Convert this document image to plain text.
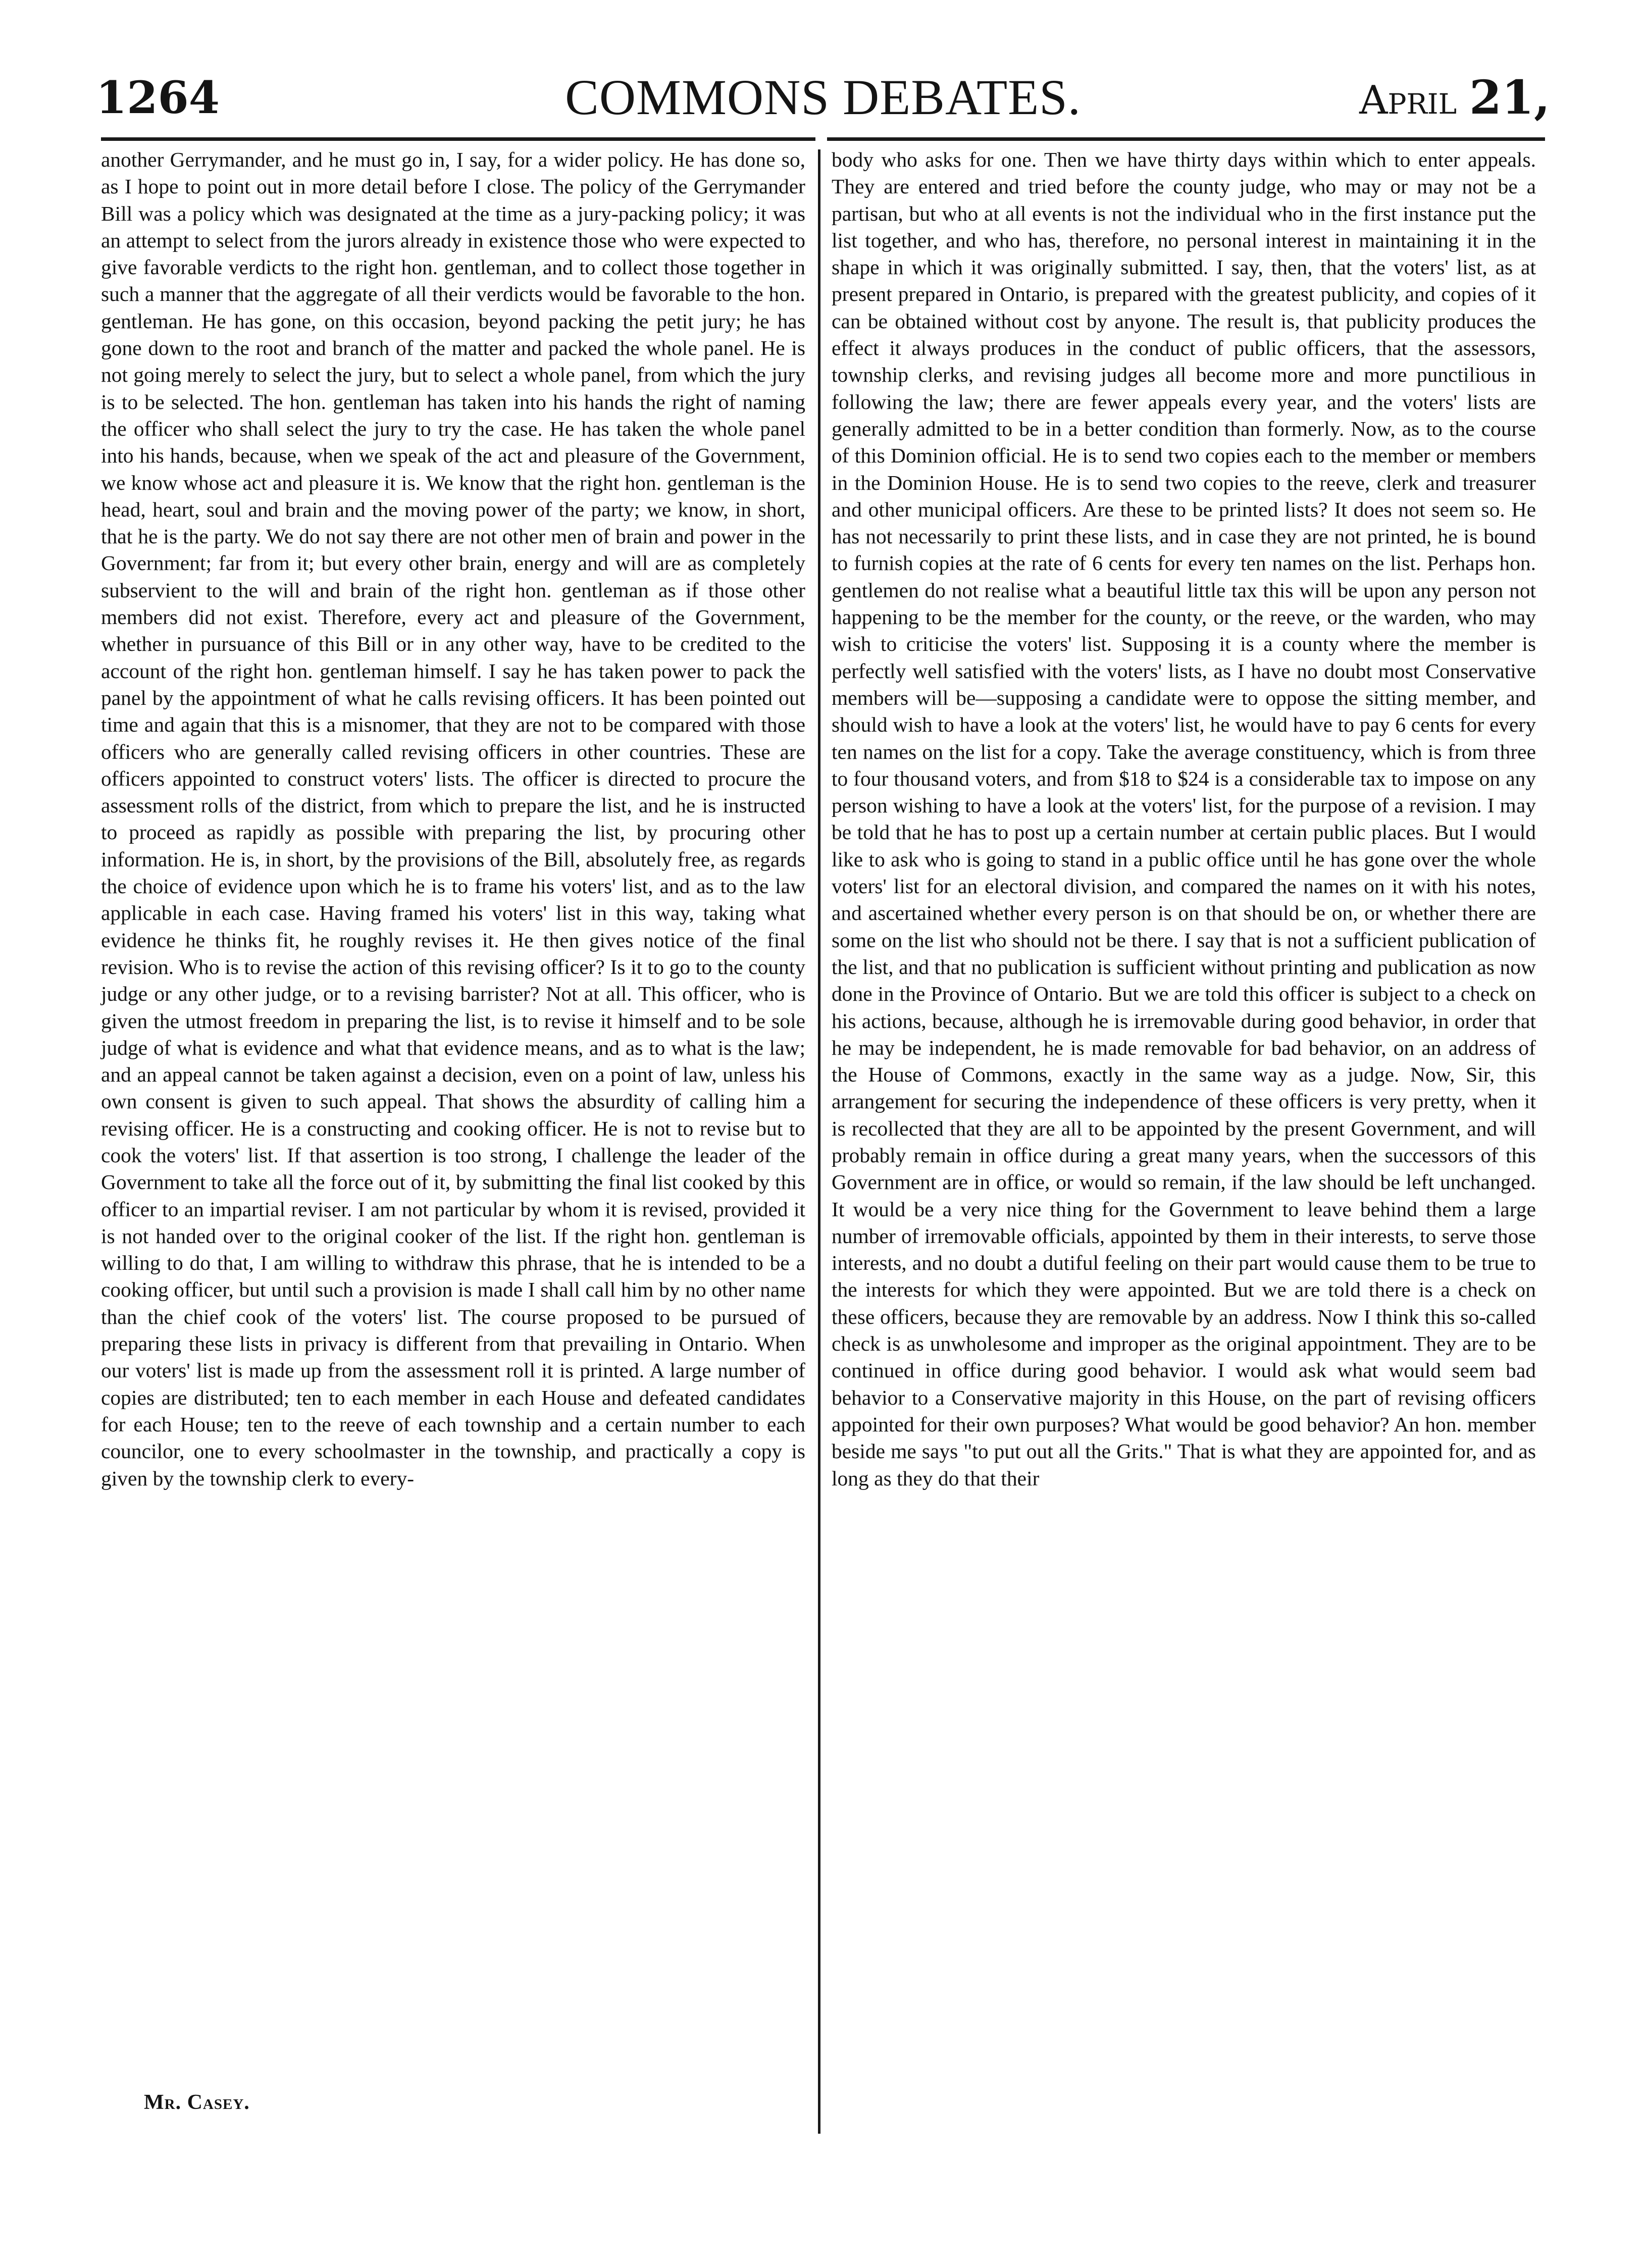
1264	COMMONS DEBATES.	April 21,

another Gerrymander, and he must go in, I say, for a wider policy. He has done so, as I hope to point out in more detail before I close. The policy of the Gerrymander Bill was a policy which was designated at the time as a jury-packing policy; it was an attempt to select from the jurors already in existence those who were expected to give favorable verdicts to the right hon. gentleman, and to collect those together in such a manner that the aggregate of all their verdicts would be favorable to the hon. gentleman. He has gone, on this occasion, beyond packing the petit jury; he has gone down to the root and branch of the matter and packed the whole panel. He is not going merely to select the jury, but to select a whole panel, from which the jury is to be selected. The hon. gentleman has taken into his hands the right of naming the officer who shall select the jury to try the case. He has taken the whole panel into his hands, because, when we speak of the act and pleasure of the Government, we know whose act and pleasure it is. We know that the right hon. gentleman is the head, heart, soul and brain and the moving power of the party; we know, in short, that he is the party. We do not say there are not other men of brain and power in the Government; far from it; but every other brain, energy and will are as completely subservient to the will and brain of the right hon. gentleman as if those other members did not exist. Therefore, every act and pleasure of the Government, whether in pursuance of this Bill or in any other way, have to be credited to the account of the right hon. gentleman himself. I say he has taken power to pack the panel by the appointment of what he calls revising officers. It has been pointed out time and again that this is a misnomer, that they are not to be compared with those officers who are generally called revising officers in other countries. These are officers appointed to construct voters' lists. The officer is directed to procure the assessment rolls of the district, from which to prepare the list, and he is instructed to proceed as rapidly as possible with preparing the list, by procuring other information. He is, in short, by the provisions of the Bill, absolutely free, as regards the choice of evidence upon which he is to frame his voters' list, and as to the law applicable in each case. Having framed his voters' list in this way, taking what evidence he thinks fit, he roughly revises it. He then gives notice of the final revision. Who is to revise the action of this revising officer? Is it to go to the county judge or any other judge, or to a revising barrister? Not at all. This officer, who is given the utmost freedom in preparing the list, is to revise it himself and to be sole judge of what is evidence and what that evidence means, and as to what is the law; and an appeal cannot be taken against a decision, even on a point of law, unless his own consent is given to such appeal. That shows the absurdity of calling him a revising officer. He is a constructing and cooking officer. He is not to revise but to cook the voters' list. If that assertion is too strong, I challenge the leader of the Government to take all the force out of it, by submitting the final list cooked by this officer to an impartial reviser. I am not particular by whom it is revised, provided it is not handed over to the original cooker of the list. If the right hon. gentleman is willing to do that, I am willing to withdraw this phrase, that he is intended to be a cooking officer, but until such a provision is made I shall call him by no other name than the chief cook of the voters' list. The course proposed to be pursued of preparing these lists in privacy is different from that prevailing in Ontario. When our voters' list is made up from the assessment roll it is printed. A large number of copies are distributed; ten to each member in each House and defeated candidates for each House; ten to the reeve of each township and a certain number to each councilor, one to every schoolmaster in the township, and practically a copy is given by the township clerk to every-

body who asks for one. Then we have thirty days within which to enter appeals. They are entered and tried before the county judge, who may or may not be a partisan, but who at all events is not the individual who in the first instance put the list together, and who has, therefore, no personal interest in maintaining it in the shape in which it was originally submitted. I say, then, that the voters' list, as at present prepared in Ontario, is prepared with the greatest publicity, and copies of it can be obtained without cost by anyone. The result is, that publicity produces the effect it always produces in the conduct of public officers, that the assessors, township clerks, and revising judges all become more and more punctilious in following the law; there are fewer appeals every year, and the voters' lists are generally admitted to be in a better condition than formerly. Now, as to the course of this Dominion official. He is to send two copies each to the member or members in the Dominion House. He is to send two copies to the reeve, clerk and treasurer and other municipal officers. Are these to be printed lists? It does not seem so. He has not necessarily to print these lists, and in case they are not printed, he is bound to furnish copies at the rate of 6 cents for every ten names on the list. Perhaps hon. gentlemen do not realise what a beautiful little tax this will be upon any person not happening to be the member for the county, or the reeve, or the warden, who may wish to criticise the voters' list. Supposing it is a county where the member is perfectly well satisfied with the voters' lists, as I have no doubt most Conservative members will be—supposing a candidate were to oppose the sitting member, and should wish to have a look at the voters' list, he would have to pay 6 cents for every ten names on the list for a copy. Take the average constituency, which is from three to four thousand voters, and from $18 to $24 is a considerable tax to impose on any person wishing to have a look at the voters' list, for the purpose of a revision. I may be told that he has to post up a certain number at certain public places. But I would like to ask who is going to stand in a public office until he has gone over the whole voters' list for an electoral division, and compared the names on it with his notes, and ascertained whether every person is on that should be on, or whether there are some on the list who should not be there. I say that is not a sufficient publication of the list, and that no publication is sufficient without printing and publication as now done in the Province of Ontario. But we are told this officer is subject to a check on his actions, because, although he is irremovable during good behavior, in order that he may be independent, he is made removable for bad behavior, on an address of the House of Commons, exactly in the same way as a judge. Now, Sir, this arrangement for securing the independence of these officers is very pretty, when it is recollected that they are all to be appointed by the present Government, and will probably remain in office during a great many years, when the successors of this Government are in office, or would so remain, if the law should be left unchanged. It would be a very nice thing for the Government to leave behind them a large number of irremovable officials, appointed by them in their interests, to serve those interests, and no doubt a dutiful feeling on their part would cause them to be true to the interests for which they were appointed. But we are told there is a check on these officers, because they are removable by an address. Now I think this so-called check is as unwholesome and improper as the original appointment. They are to be continued in office during good behavior. I would ask what would seem bad behavior to a Conservative majority in this House, on the part of revising officers appointed for their own purposes? What would be good behavior? An hon. member beside me says "to put out all the Grits." That is what they are appointed for, and as long as they do that their

Mr. Casey.
